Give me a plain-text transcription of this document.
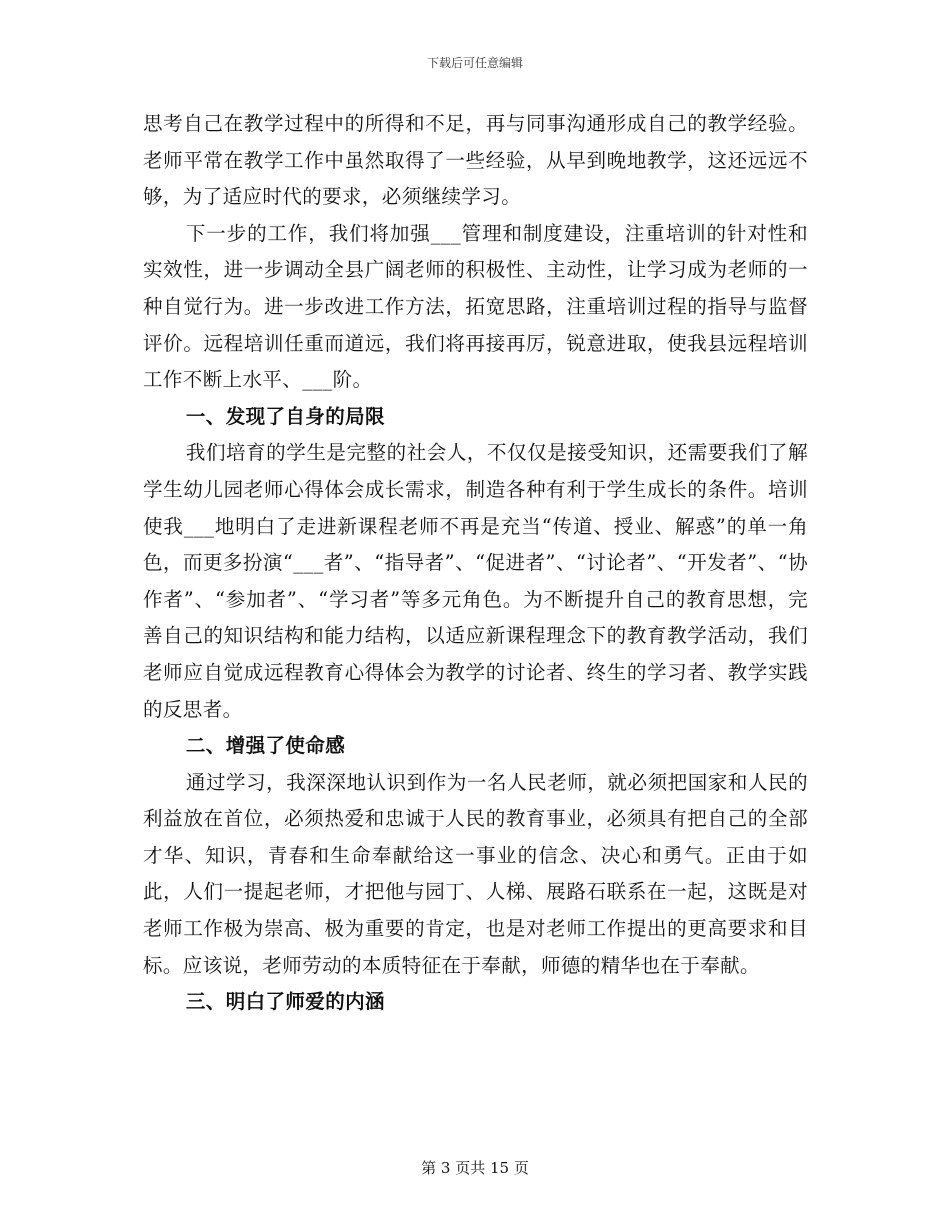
下载后可任意编辑

思考自己在教学过程中的所得和不足，再与同事沟通形成自己的教学经验。老师平常在教学工作中虽然取得了一些经验，从早到晚地教学，这还远远不够，为了适应时代的要求，必须继续学习。

下一步的工作，我们将加强___管理和制度建设，注重培训的针对性和实效性，进一步调动全县广阔老师的积极性、主动性，让学习成为老师的一种自觉行为。进一步改进工作方法，拓宽思路，注重培训过程的指导与监督评价。远程培训任重而道远，我们将再接再厉，锐意进取，使我县远程培训工作不断上水平、___阶。

一、发现了自身的局限

我们培育的学生是完整的社会人，不仅仅是接受知识，还需要我们了解学生幼儿园老师心得体会成长需求，制造各种有利于学生成长的条件。培训使我___地明白了走进新课程老师不再是充当“传道、授业、解惑”的单一角色，而更多扮演“___者”、“指导者”、“促进者”、“讨论者”、“开发者”、“协作者”、“参加者”、“学习者”等多元角色。为不断提升自己的教育思想，完善自己的知识结构和能力结构，以适应新课程理念下的教育教学活动，我们老师应自觉成远程教育心得体会为教学的讨论者、终生的学习者、教学实践的反思者。

二、增强了使命感

通过学习，我深深地认识到作为一名人民老师，就必须把国家和人民的利益放在首位，必须热爱和忠诚于人民的教育事业，必须具有把自己的全部才华、知识，青春和生命奉献给这一事业的信念、决心和勇气。正由于如此，人们一提起老师，才把他与园丁、人梯、展路石联系在一起，这既是对老师工作极为崇高、极为重要的肯定，也是对老师工作提出的更高要求和目标。应该说，老师劳动的本质特征在于奉献，师德的精华也在于奉献。

三、明白了师爱的内涵

第 3 页共 15 页
